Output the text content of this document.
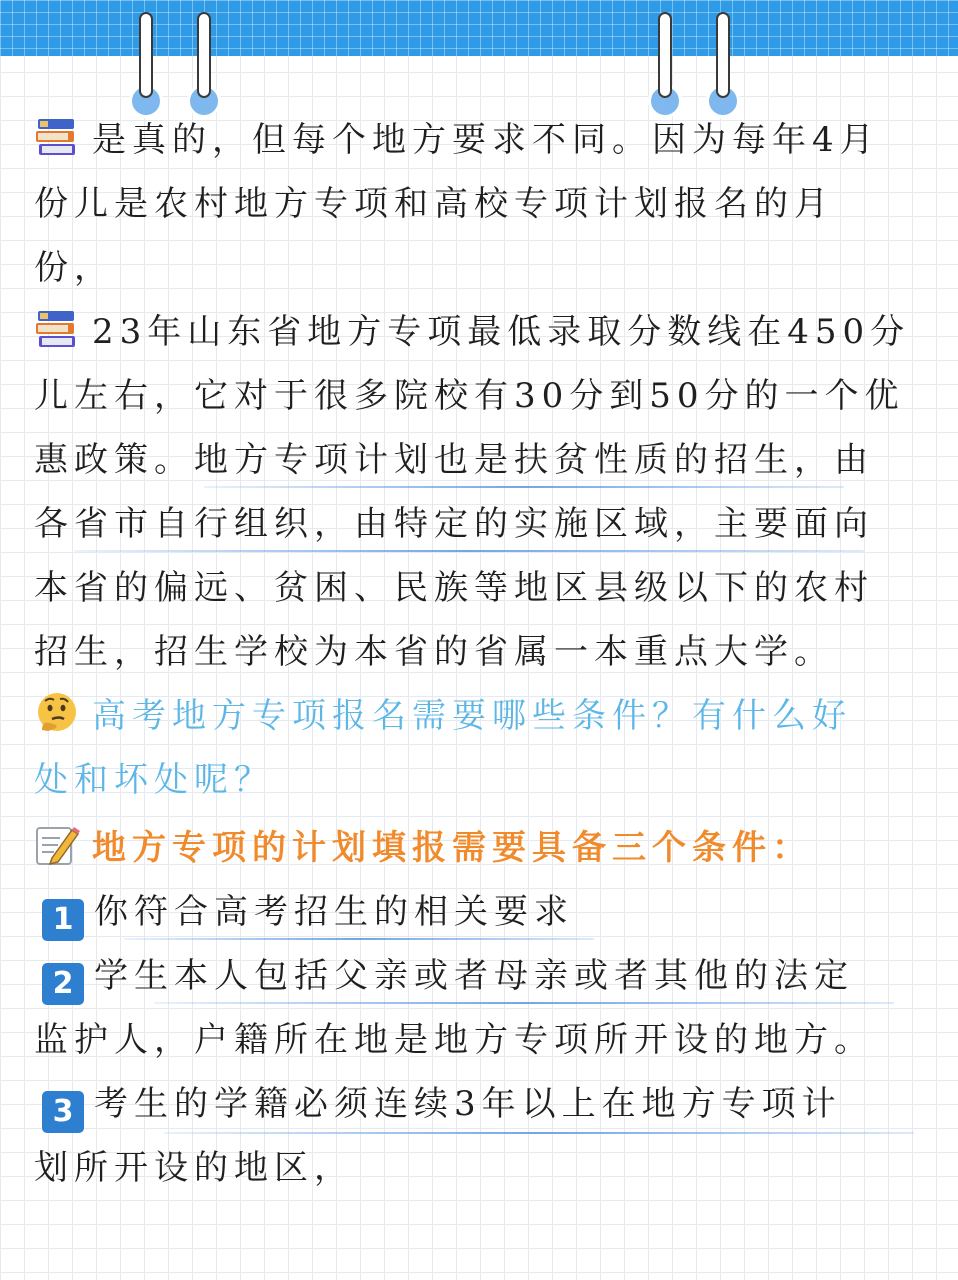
是真的，但每个地方要求不同。因为每年4月
份儿是农村地方专项和高校专项计划报名的月
份，
23年山东省地方专项最低录取分数线在450分
儿左右，它对于很多院校有30分到50分的一个优
惠政策。地方专项计划也是扶贫性质的招生，由
各省市自行组织，由特定的实施区域，主要面向
本省的偏远、贫困、民族等地区县级以下的农村
招生，招生学校为本省的省属一本重点大学。
高考地方专项报名需要哪些条件？有什么好
处和坏处呢？
地方专项的计划填报需要具备三个条件：
1 你符合高考招生的相关要求
2 学生本人包括父亲或者母亲或者其他的法定
监护人，户籍所在地是地方专项所开设的地方。
3 考生的学籍必须连续3年以上在地方专项计
划所开设的地区，
